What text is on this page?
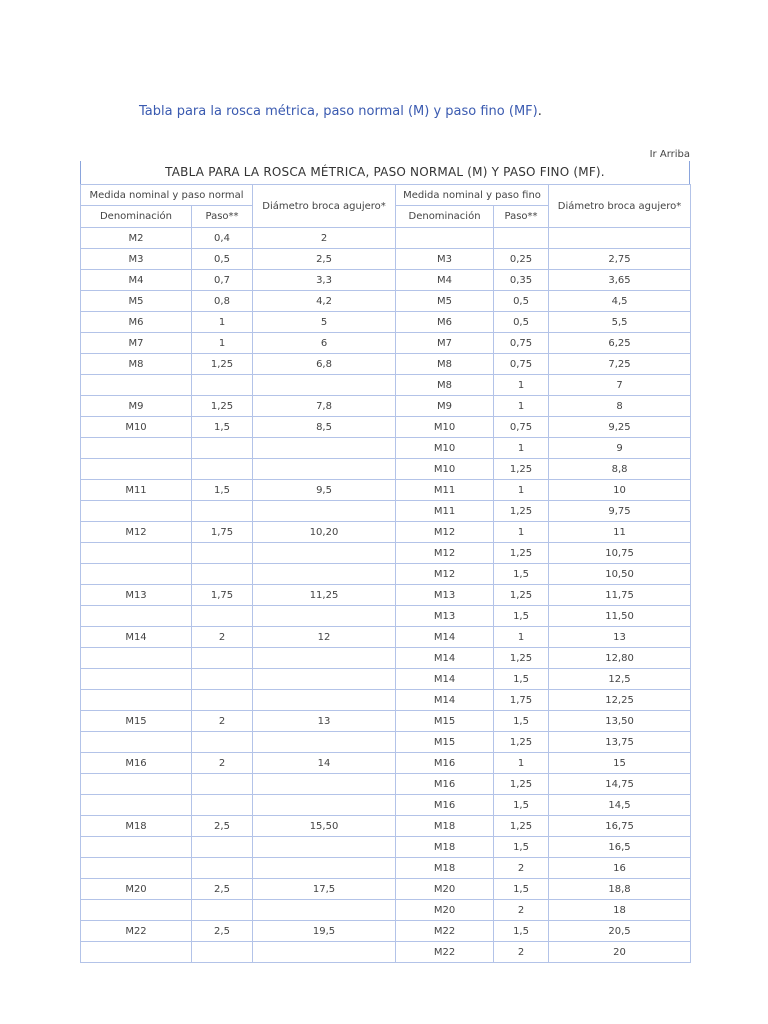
Tabla para la rosca métrica, paso normal (M) y paso fino (MF).
Ir Arriba
TABLA PARA LA ROSCA MÉTRICA, PASO NORMAL (M) Y PASO FINO (MF).
Medida nominal y paso normal		Diámetro broca agujero*	Medida nominal y paso fino		Diámetro broca agujero*
Denominación	Paso**		Denominación	Paso**	
M2	0,4	2			
M3	0,5	2,5	M3	0,25	2,75
M4	0,7	3,3	M4	0,35	3,65
M5	0,8	4,2	M5	0,5	4,5
M6	1	5	M6	0,5	5,5
M7	1	6	M7	0,75	6,25
M8	1,25	6,8	M8	0,75	7,25
			M8	1	7
M9	1,25	7,8	M9	1	8
M10	1,5	8,5	M10	0,75	9,25
			M10	1	9
			M10	1,25	8,8
M11	1,5	9,5	M11	1	10
			M11	1,25	9,75
M12	1,75	10,20	M12	1	11
			M12	1,25	10,75
			M12	1,5	10,50
M13	1,75	11,25	M13	1,25	11,75
			M13	1,5	11,50
M14	2	12	M14	1	13
			M14	1,25	12,80
			M14	1,5	12,5
			M14	1,75	12,25
M15	2	13	M15	1,5	13,50
			M15	1,25	13,75
M16	2	14	M16	1	15
			M16	1,25	14,75
			M16	1,5	14,5
M18	2,5	15,50	M18	1,25	16,75
			M18	1,5	16,5
			M18	2	16
M20	2,5	17,5	M20	1,5	18,8
			M20	2	18
M22	2,5	19,5	M22	1,5	20,5
			M22	2	20
